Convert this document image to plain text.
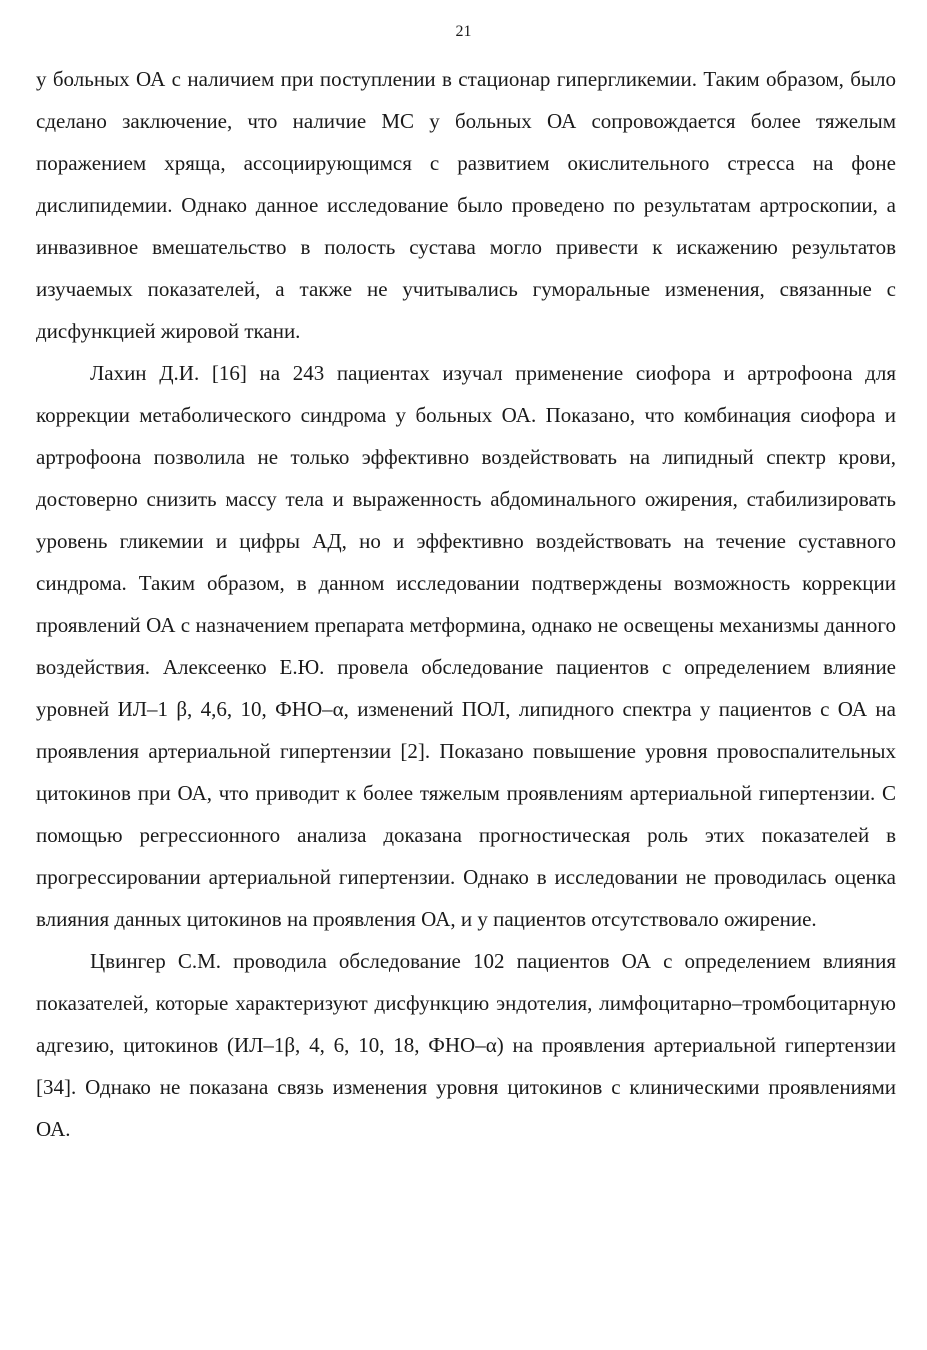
21

у больных ОА с наличием при поступлении в стационар гипергликемии. Таким образом, было сделано заключение, что наличие МС у больных ОА сопровождается более тяжелым поражением хряща, ассоциирующимся с развитием окислительного стресса на фоне дислипидемии. Однако данное исследование было проведено по результатам артроскопии, а инвазивное вмешательство в полость сустава могло привести к искажению результатов изучаемых показателей, а также не учитывались гуморальные изменения, связанные с дисфункцией жировой ткани.

Лахин Д.И. [16] на 243 пациентах изучал применение сиофора и артрофоона для коррекции метаболического синдрома у больных ОА. Показано, что комбинация сиофора и артрофоона позволила не только эффективно воздействовать на липидный спектр крови, достоверно снизить массу тела и выраженность абдоминального ожирения, стабилизировать уровень гликемии и цифры АД, но и эффективно воздействовать на течение суставного синдрома. Таким образом, в данном исследовании подтверждены возможность коррекции проявлений ОА с назначением препарата метформина, однако не освещены механизмы данного воздействия. Алексеенко Е.Ю. провела обследование пациентов с определением влияние уровней ИЛ–1 β, 4,6, 10, ФНО–α, изменений ПОЛ, липидного спектра у пациентов с ОА на проявления артериальной гипертензии [2]. Показано повышение уровня провоспалительных цитокинов при ОА, что приводит к более тяжелым проявлениям артериальной гипертензии. С помощью регрессионного анализа доказана прогностическая роль этих показателей в прогрессировании артериальной гипертензии. Однако в исследовании не проводилась оценка влияния данных цитокинов на проявления ОА, и у пациентов отсутствовало ожирение.

Цвингер С.М. проводила обследование 102 пациентов ОА с определением влияния показателей, которые характеризуют дисфункцию эндотелия, лимфоцитарно–тромбоцитарную адгезию, цитокинов (ИЛ–1β, 4, 6, 10, 18, ФНО–α) на проявления артериальной гипертензии [34]. Однако не показана связь изменения уровня цитокинов с клиническими проявлениями ОА.
